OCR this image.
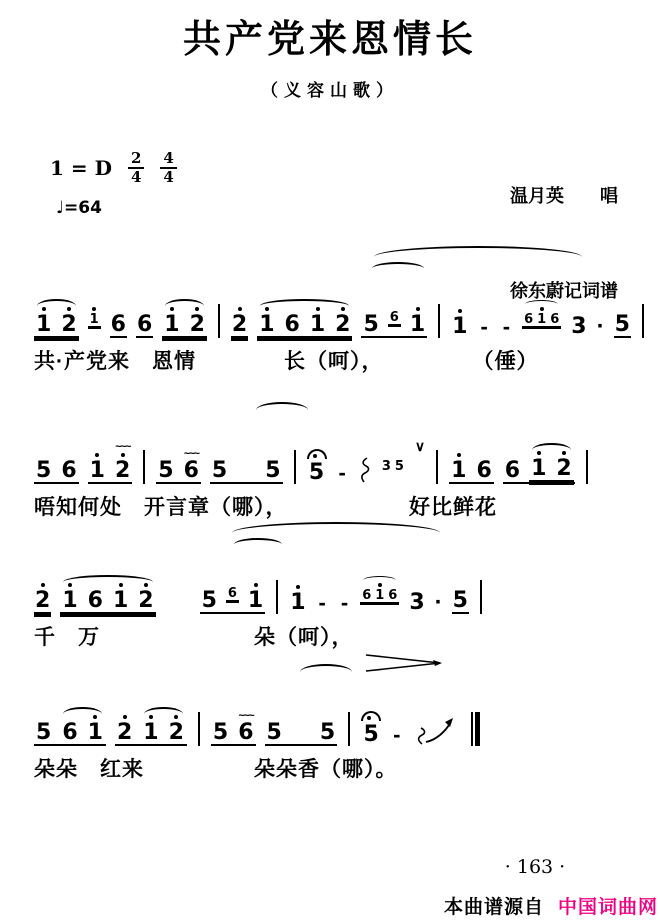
共产党来恩情长
（义容山歌）

温月英　　唱

徐东蔚记词谱

1 = D $\frac{2}{4} \frac{4}{4}$
♩=64
1 2 1 6 6 1 2 2 1 6 1 2 5 6 1 1 - - 6 1 6 3 · 5
共·产党来　恩情　　　　长（呵），　　　　　（倕）
5 6 1
~~~
2 5
~~~
6 5 5 5 -	3 5
∨
1 6 6 1 2
唔知何处　开言章（哪），　　　　　　好比鲜花
2 1 6 1 2 5 6 1 1 - - 6 1 6 3 · 5
千　万　　　　　　　朵（呵），
5 6 1 2 1 2 5
~~~
6 5 5 5 -
朵朵　红来　　　　　朵朵香（哪）。
· 163 ·
本曲谱源自 中国词曲网
